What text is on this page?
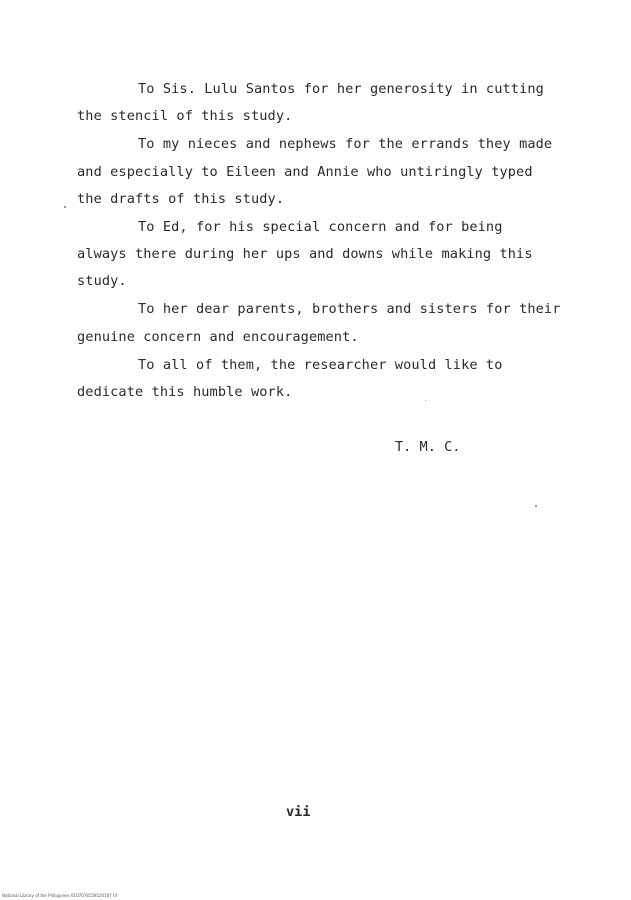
To Sis. Lulu Santos for her generosity in cutting
the stencil of this study.
To my nieces and nephews for the errands they made
and especially to Eileen and Annie who untiringly typed
the drafts of this study.
To Ed, for his special concern and for being
always there during her ups and downs while making this
study.
To her dear parents, brothers and sisters for their
genuine concern and encouragement.
To all of them, the researcher would like to
dedicate this humble work.
T. M. C.
vii
National Library of the Philippines 0107078159520107 tif
